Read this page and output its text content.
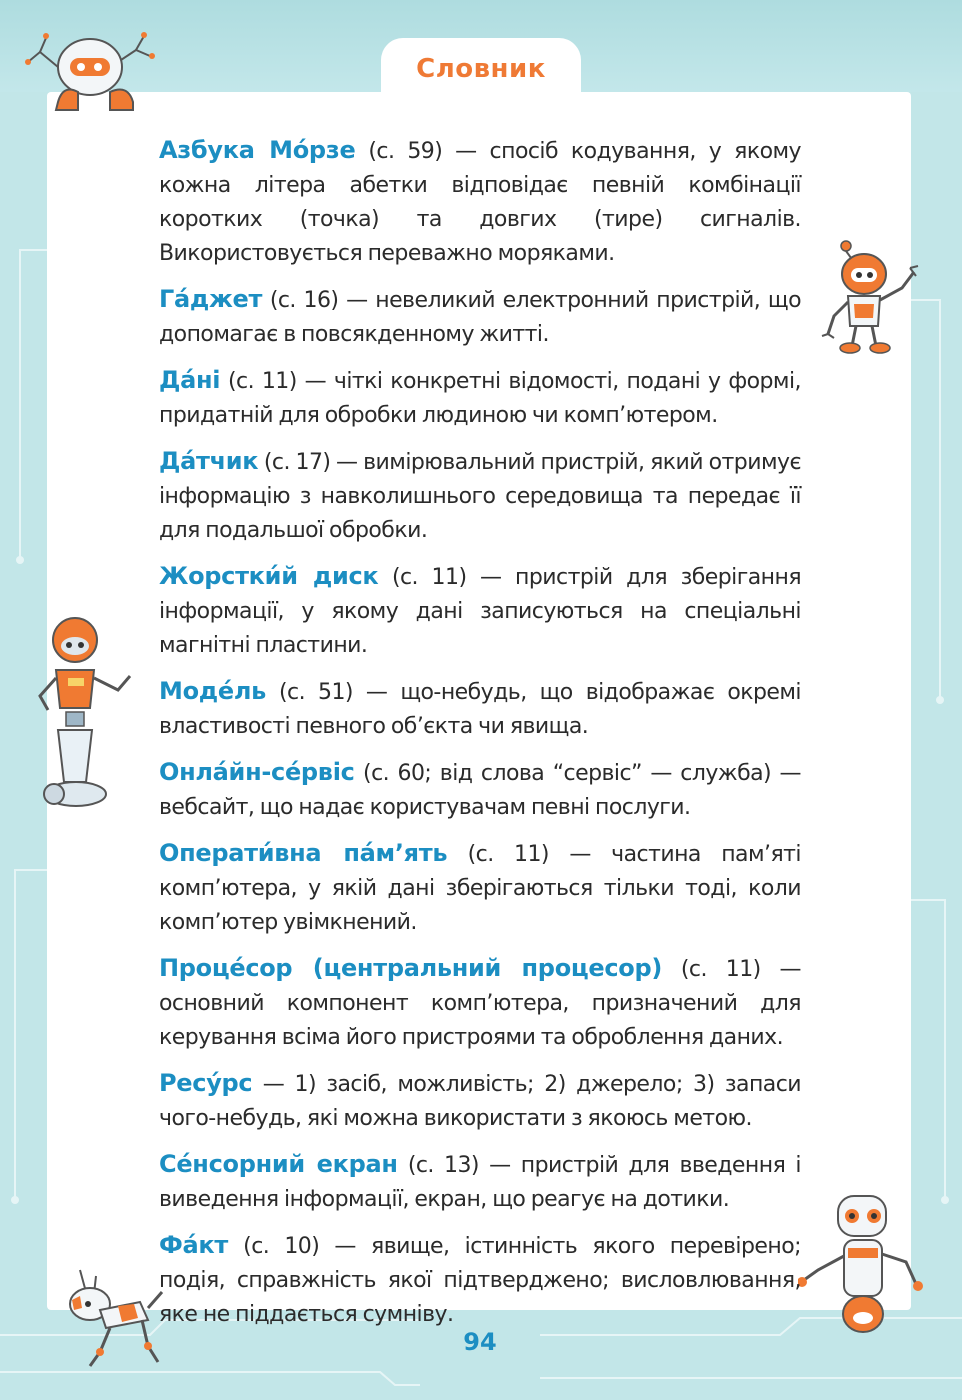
Словник

Азбука Мо́рзе (с. 59) — спосіб кодування, у якому кожна літера абетки відповідає певній комбінації коротких (точка) та довгих (тире) сигналів. Використовується переважно моряками.

Га́джет (с. 16) — невеликий електронний пристрій, що допомагає в повсякденному житті.

Да́ні (с. 11) — чіткі конкретні відомості, подані у формі, придатній для обробки людиною чи комп’ютером.

Да́тчик (с. 17) — вимірювальний пристрій, який отримує інформацію з навколишнього середовища та передає її для подальшої обробки.

Жорстки́й диск (с. 11) — пристрій для зберігання інформації, у якому дані записуються на спеціальні магнітні пластини.

Моде́ль (с. 51) — що-небудь, що відображає окремі властивості певного об’єкта чи явища.

Онла́йн-се́рвіс (с. 60; від слова “сервіс” — служба) — вебсайт, що надає користувачам певні послуги.

Операти́вна па́м’ять (с. 11) — частина пам’яті комп’ютера, у якій дані зберігаються тільки тоді, коли комп’ютер увімкнений.

Проце́сор (центральний процесор) (с. 11) — основний компонент комп’ютера, призначений для керування всіма його пристроями та оброблення даних.

Ресу́рс — 1) засіб, можливість; 2) джерело; 3) запаси чого-небудь, які можна використати з якоюсь метою.

Се́нсорний екран (с. 13) — пристрій для введення і виведення інформації, екран, що реагує на дотики.

Фа́кт (с. 10) — явище, істинність якого перевірено; подія, справжність якої підтверджено; висловлювання, яке не піддається сумніву.

94
